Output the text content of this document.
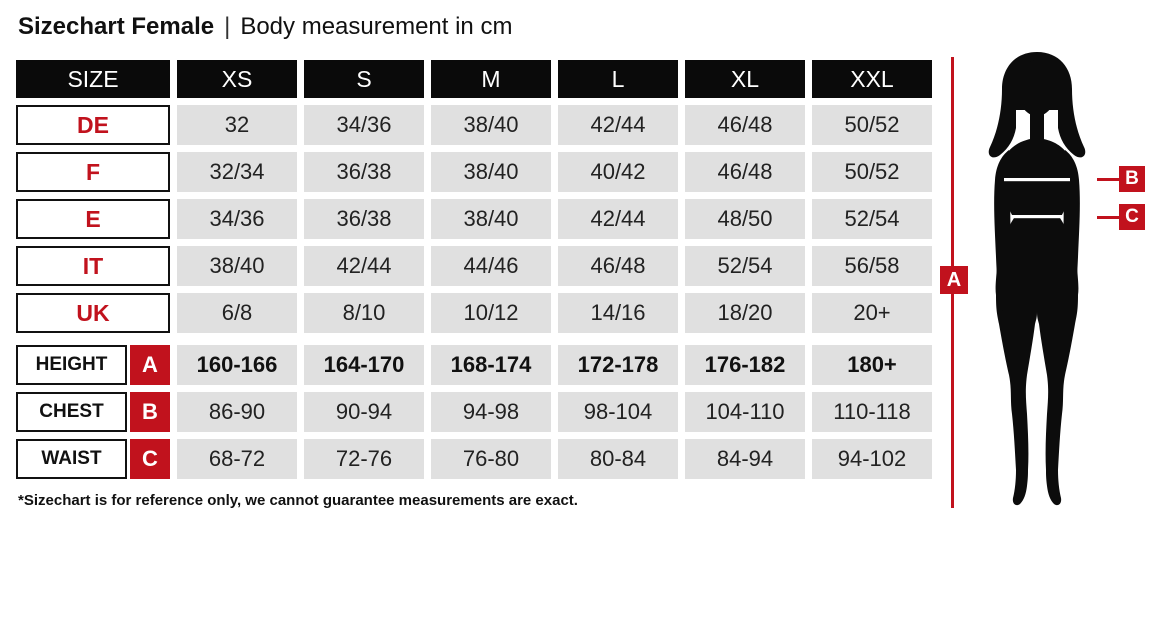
Sizechart Female | Body measurement in cm
SIZE	XS	S	M	L	XL	XXL
DE	32	34/36	38/40	42/44	46/48	50/52
F	32/34	36/38	38/40	40/42	46/48	50/52
E	34/36	36/38	38/40	42/44	48/50	52/54
IT	38/40	42/44	44/46	46/48	52/54	56/58
UK	6/8	8/10	10/12	14/16	18/20	20+
HEIGHT	A	160-166	164-170	168-174	172-178	176-182	180+
CHEST	B	86-90	90-94	94-98	98-104	104-110	110-118
WAIST	C	68-72	72-76	76-80	80-84	84-94	94-102
*Sizechart is for reference only, we cannot guarantee measurements are exact.
A
B
C
